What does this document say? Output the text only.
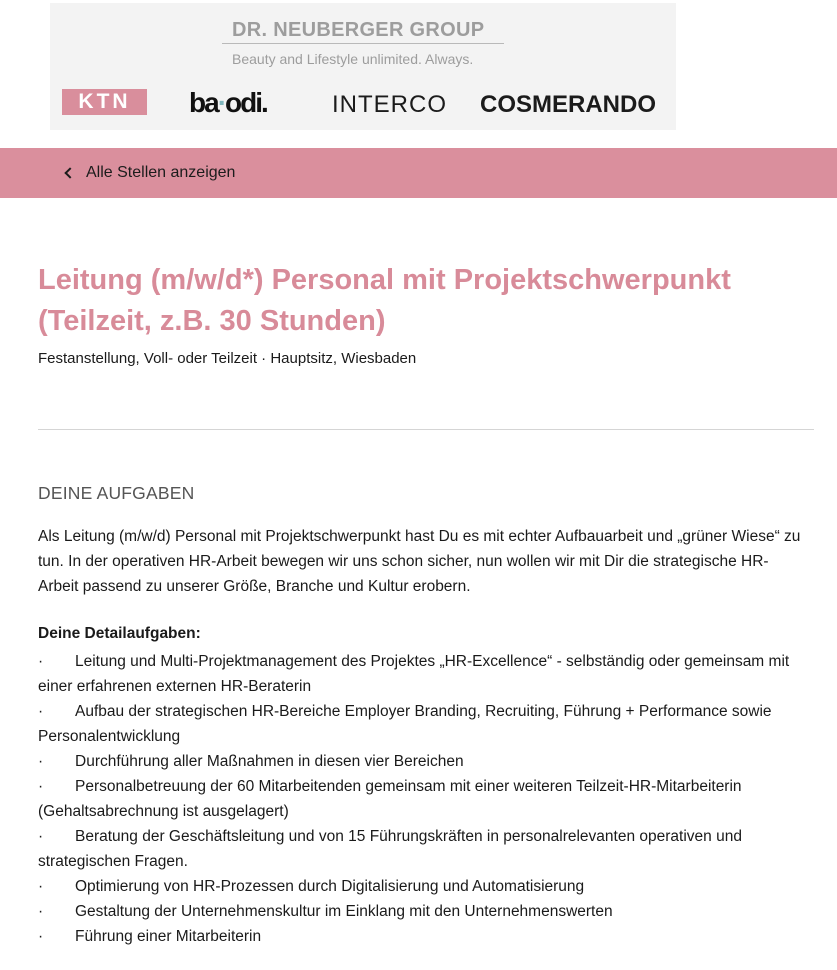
DR. NEUBERGER GROUP
Beauty and Lifestyle unlimited. Always.
KTN ba·odi.	INTERCO COSMERANDO
Alle Stellen anzeigen
Leitung (m/w/d*) Personal mit Projektschwerpunkt (Teilzeit, z.B. 30 Stunden)
Festanstellung, Voll- oder Teilzeit · Hauptsitz, Wiesbaden
DEINE AUFGABEN

Als Leitung (m/w/d) Personal mit Projektschwerpunkt hast Du es mit echter Aufbauarbeit und „grüner Wiese“ zu tun. In der operativen HR-Arbeit bewegen wir uns schon sicher, nun wollen wir mit Dir die strategische HR-Arbeit passend zu unserer Größe, Branche und Kultur erobern.

Deine Detailaufgaben:
· Leitung und Multi-Projektmanagement des Projektes „HR-Excellence“ - selbständig oder gemeinsam mit einer erfahrenen externen HR-Beraterin
· Aufbau der strategischen HR-Bereiche Employer Branding, Recruiting, Führung + Performance sowie Personalentwicklung
· Durchführung aller Maßnahmen in diesen vier Bereichen
· Personalbetreuung der 60 Mitarbeitenden gemeinsam mit einer weiteren Teilzeit-HR-Mitarbeiterin (Gehaltsabrechnung ist ausgelagert)
· Beratung der Geschäftsleitung und von 15 Führungskräften in personalrelevanten operativen und strategischen Fragen.
· Optimierung von HR-Prozessen durch Digitalisierung und Automatisierung
· Gestaltung der Unternehmenskultur im Einklang mit den Unternehmenswerten
· Führung einer Mitarbeiterin
